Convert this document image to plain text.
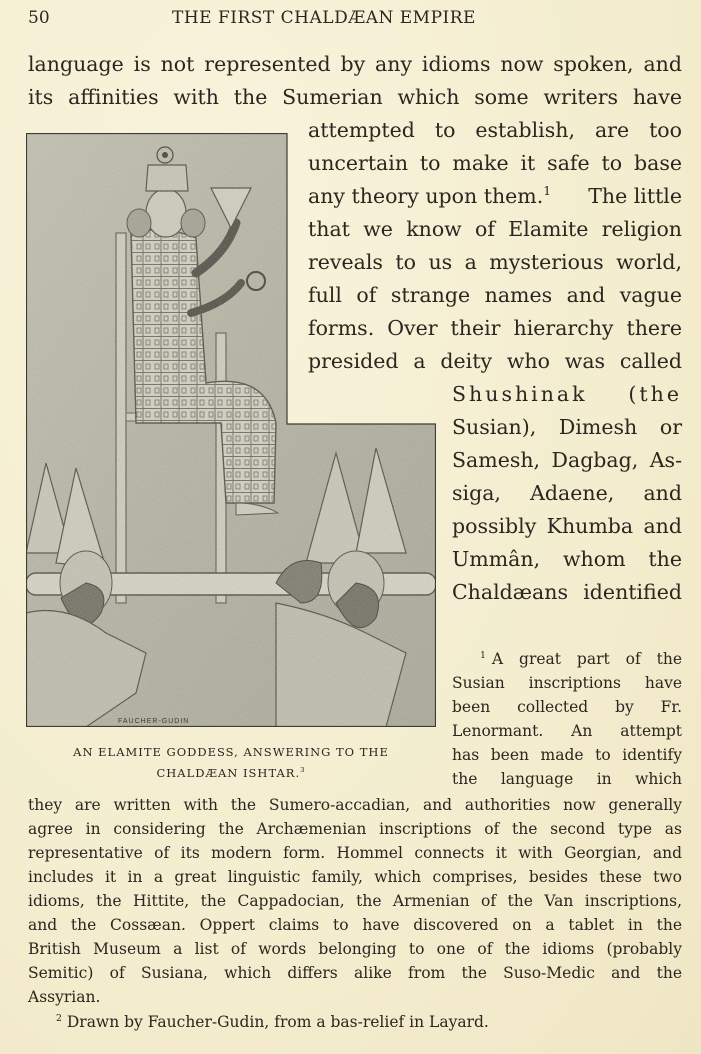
50	THE FIRST CHALDÆAN EMPIRE
language is not represented by any idioms now spoken, and
its affinities with the Sumerian which some writers have
attempted to establish, are too
uncertain to make it safe to base
any theory upon them.$^1$ The little
that we know of Elamite religion
reveals to us a mysterious world,
full of strange names and vague
forms. Over their hierarchy there
presided a deity who was called
Shushinak (the
Susian), Dimesh or
Samesh, Dagbag, As-
siga, Adaene, and
possibly Khumba and
Ummân, whom the
Chaldæans identified
FAUCHER-GUDIN
AN ELAMITE GODDESS, ANSWERING TO THE
CHALDÆAN ISHTAR.$^3$
$^1$ A great part of the
Susian inscriptions have
been collected by Fr.
Lenormant. An attempt
has been made to identify
the language in which
they are written with the Sumero-accadian, and authorities now generally
agree in considering the Archæmenian inscriptions of the second type as
representative of its modern form. Hommel connects it with Georgian, and
includes it in a great linguistic family, which comprises, besides these two
idioms, the Hittite, the Cappadocian, the Armenian of the Van inscriptions,
and the Cossæan. Oppert claims to have discovered on a tablet in the
British Museum a list of words belonging to one of the idioms (probably
Semitic) of Susiana, which differs alike from the Suso-Medic and the
Assyrian.
$^2$ Drawn by Faucher-Gudin, from a bas-relief in Layard.
